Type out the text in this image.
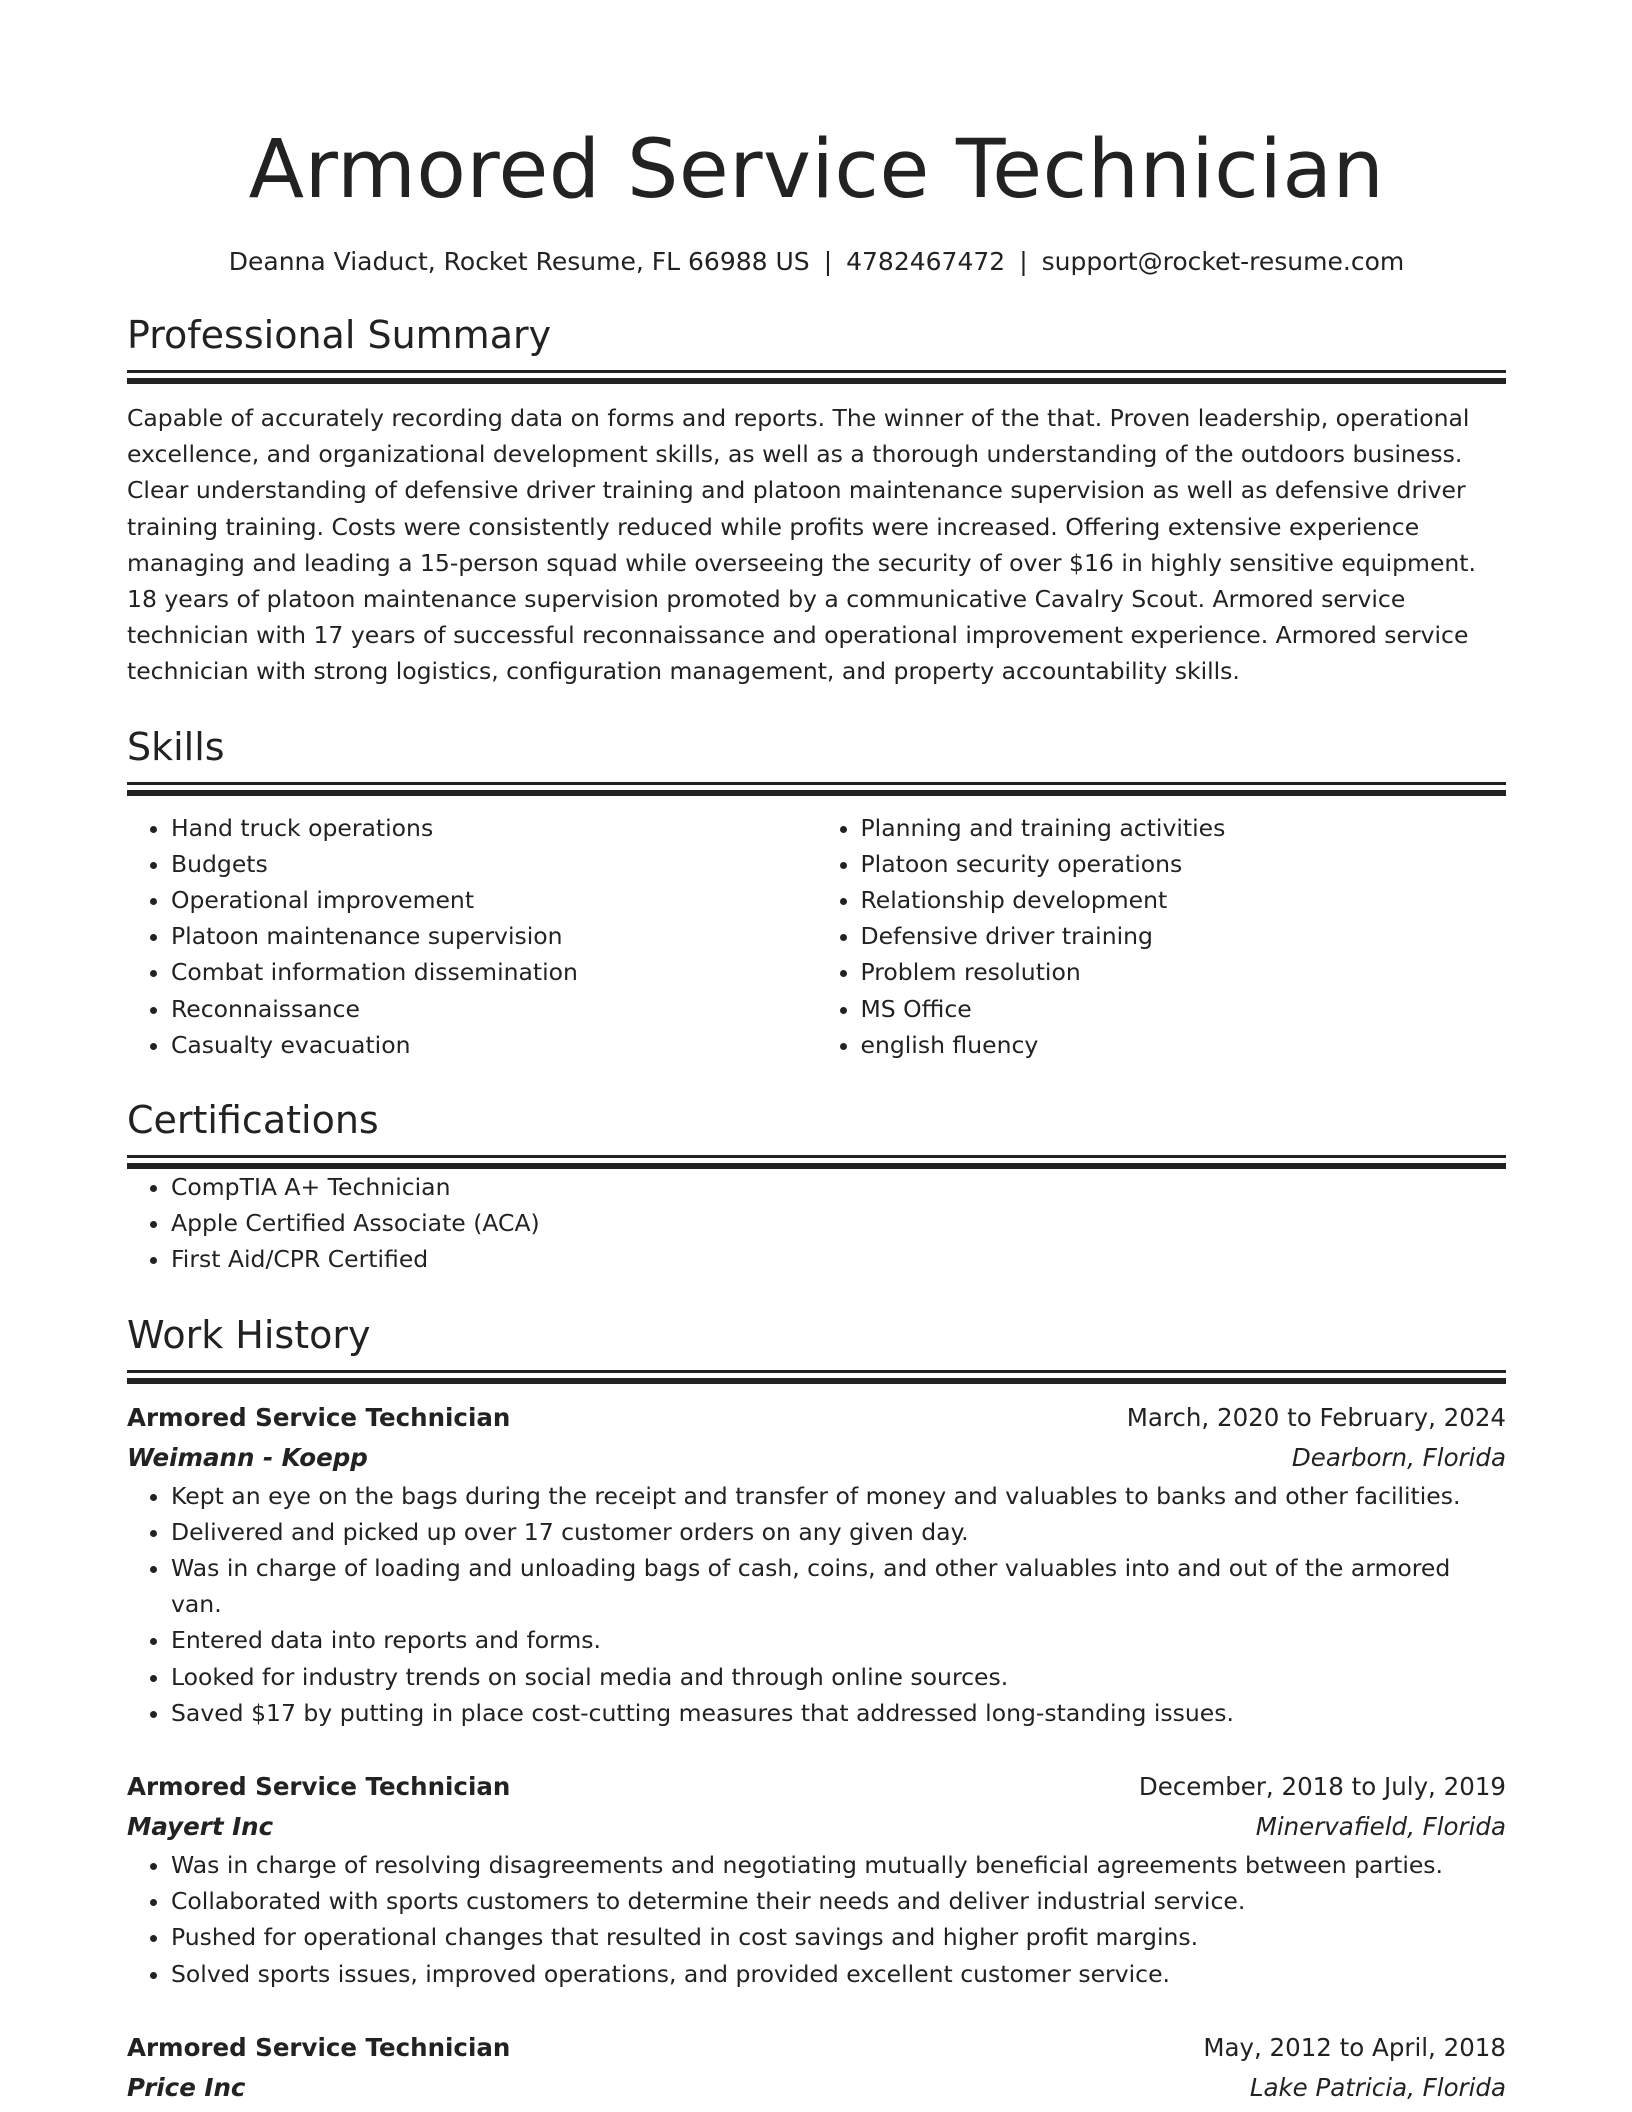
Armored Service Technician
Deanna Viaduct, Rocket Resume, FL 66988 US | 4782467472 | support@rocket-resume.com
Professional Summary

Capable of accurately recording data on forms and reports. The winner of the that. Proven leadership, operational excellence, and organizational development skills, as well as a thorough understanding of the outdoors business. Clear understanding of defensive driver training and platoon maintenance supervision as well as defensive driver training training. Costs were consistently reduced while profits were increased. Offering extensive experience managing and leading a 15-person squad while overseeing the security of over $16 in highly sensitive equipment. 18 years of platoon maintenance supervision promoted by a communicative Cavalry Scout. Armored service technician with 17 years of successful reconnaissance and operational improvement experience. Armored service technician with strong logistics, configuration management, and property accountability skills.

Skills
• Hand truck operations
• Budgets
• Operational improvement
• Platoon maintenance supervision
• Combat information dissemination
• Reconnaissance
• Casualty evacuation
• Planning and training activities
• Platoon security operations
• Relationship development
• Defensive driver training
• Problem resolution
• MS Office
• english fluency
Certifications
• CompTIA A+ Technician
• Apple Certified Associate (ACA)
• First Aid/CPR Certified
Work History
Armored Service Technician	March, 2020 to February, 2024
Weimann - Koepp	Dearborn, Florida
• Kept an eye on the bags during the receipt and transfer of money and valuables to banks and other facilities.
• Delivered and picked up over 17 customer orders on any given day.
• Was in charge of loading and unloading bags of cash, coins, and other valuables into and out of the armored van.
• Entered data into reports and forms.
• Looked for industry trends on social media and through online sources.
• Saved $17 by putting in place cost-cutting measures that addressed long-standing issues.
Armored Service Technician	December, 2018 to July, 2019
Mayert Inc	Minervafield, Florida
• Was in charge of resolving disagreements and negotiating mutually beneficial agreements between parties.
• Collaborated with sports customers to determine their needs and deliver industrial service.
• Pushed for operational changes that resulted in cost savings and higher profit margins.
• Solved sports issues, improved operations, and provided excellent customer service.
Armored Service Technician	May, 2012 to April, 2018
Price Inc	Lake Patricia, Florida
